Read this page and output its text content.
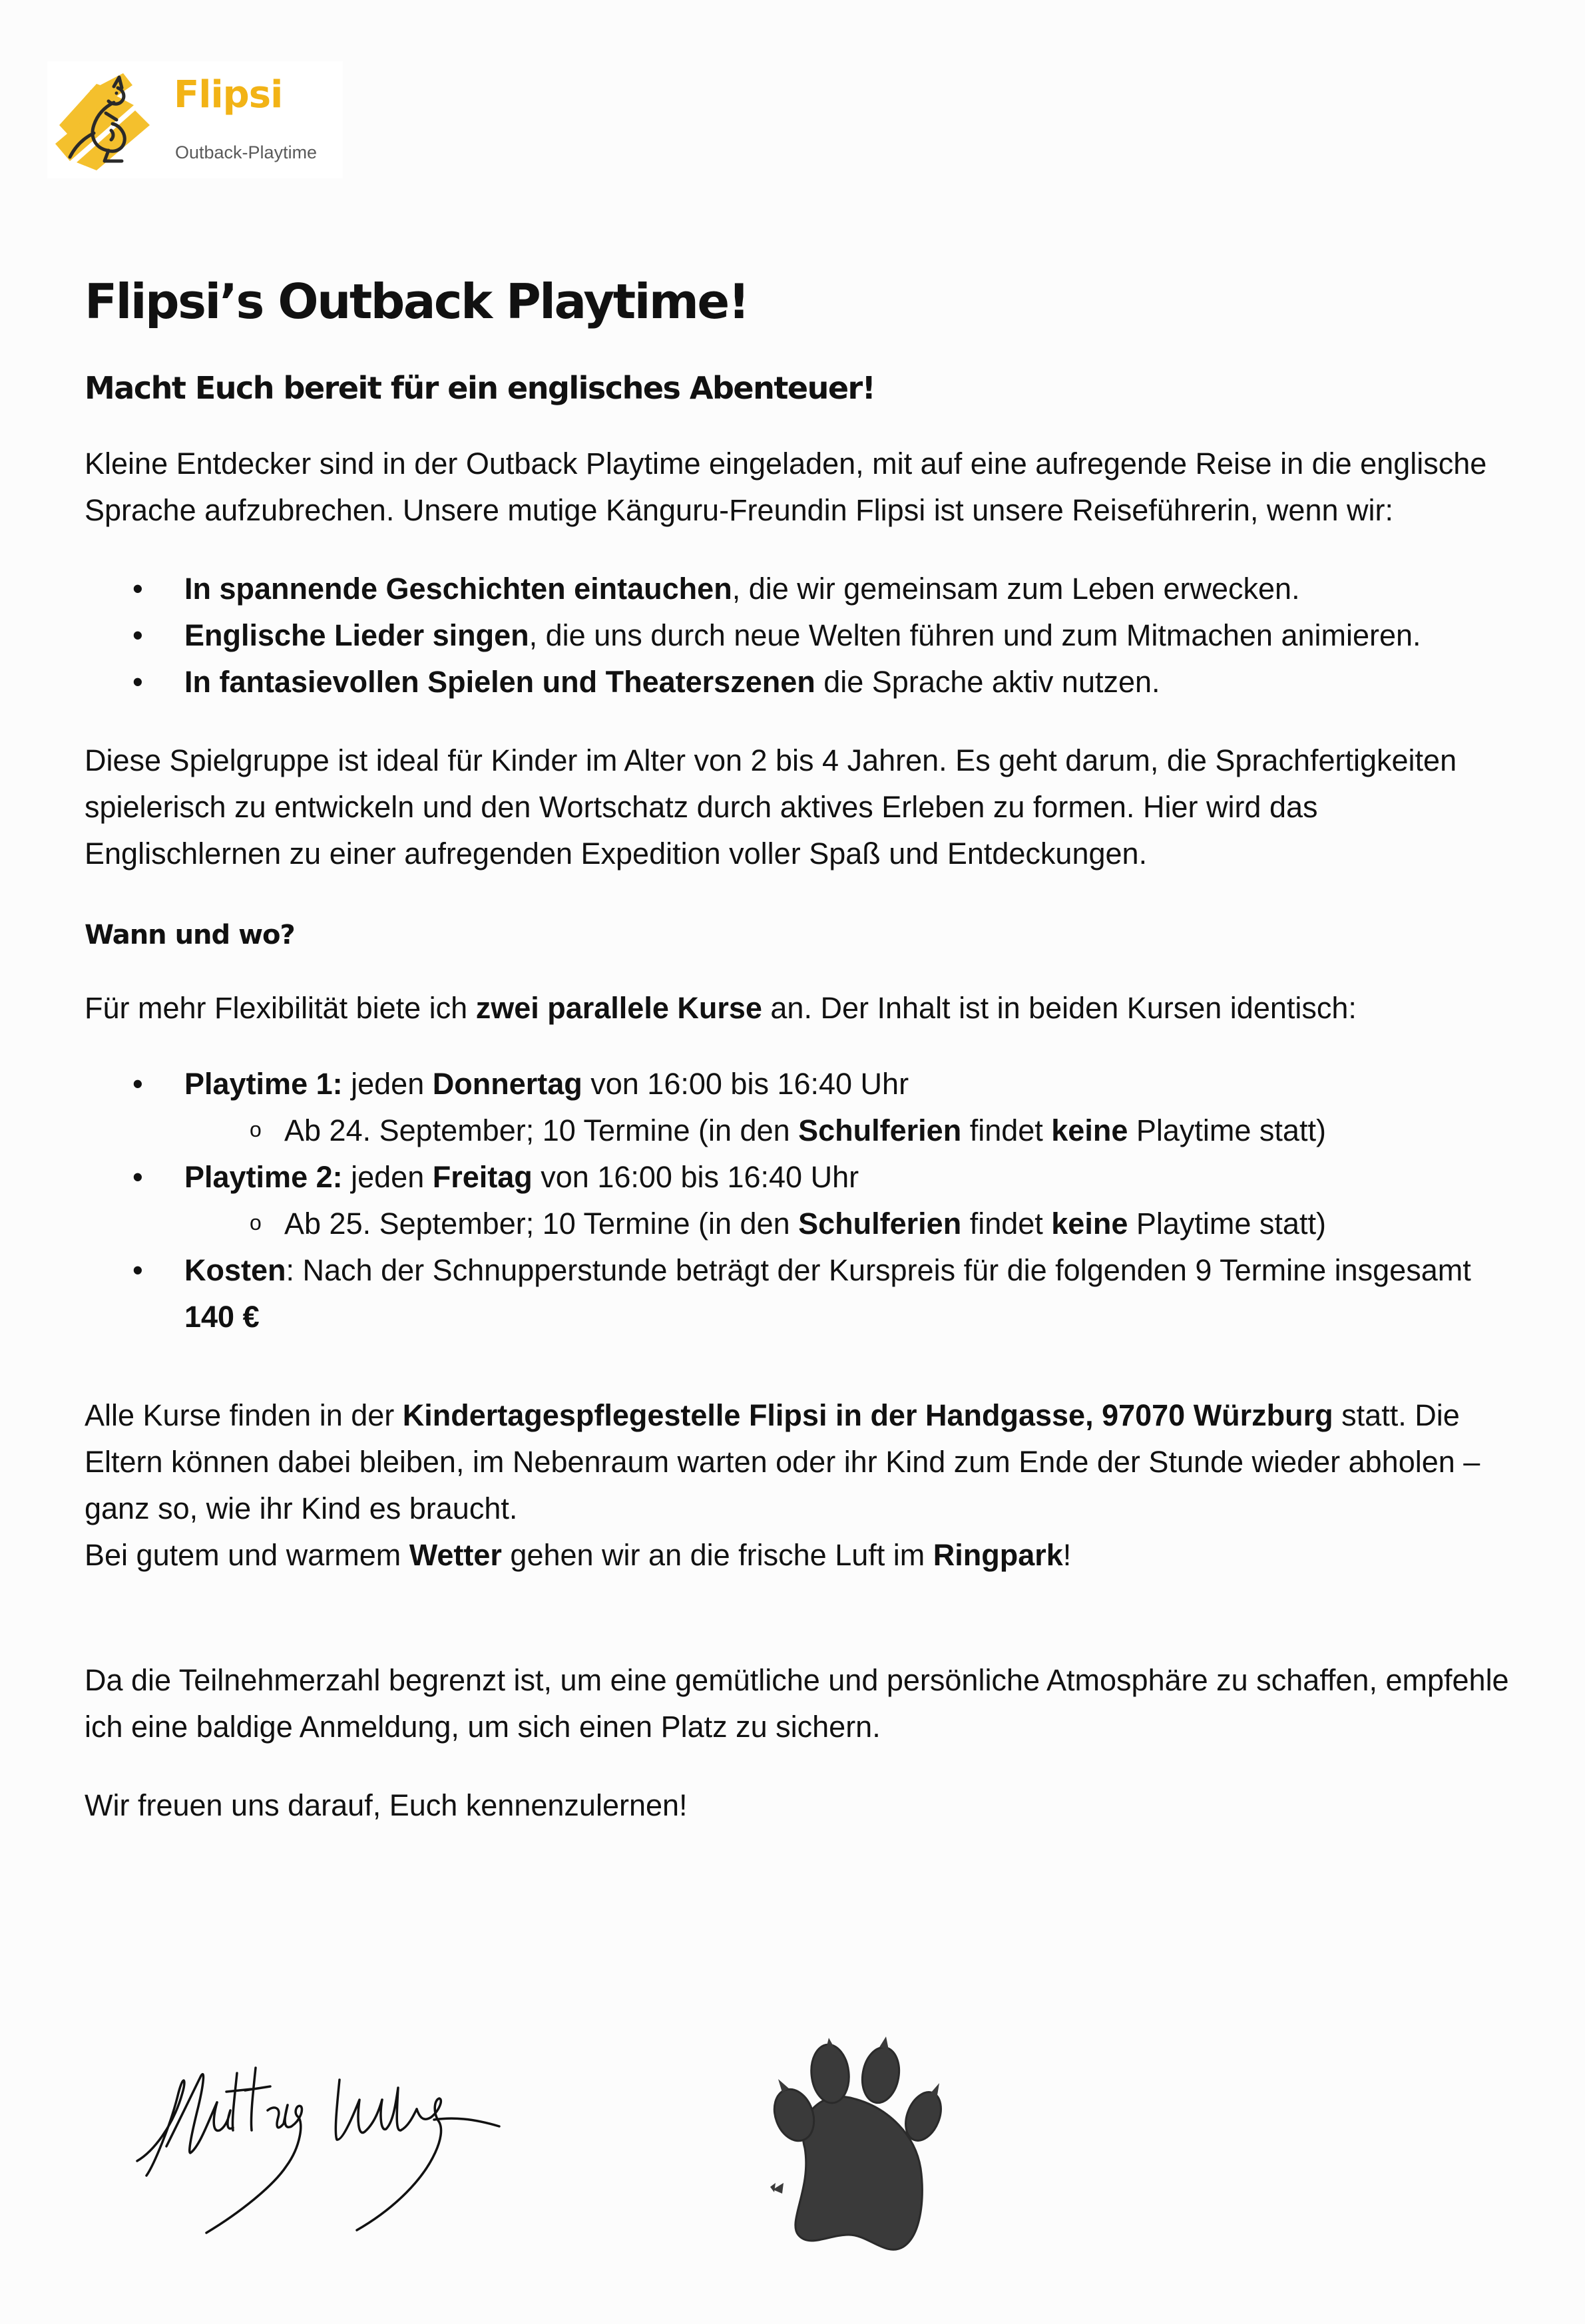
Flipsi
Outback-Playtime
Flipsi’s Outback Playtime!
Macht Euch bereit für ein englisches Abenteuer!

Kleine Entdecker sind in der Outback Playtime eingeladen, mit auf eine aufregende Reise in die englische Sprache aufzubrechen. Unsere mutige Känguru-Freundin Flipsi ist unsere Reiseführerin, wenn wir:

• In spannende Geschichten eintauchen, die wir gemeinsam zum Leben erwecken.
• Englische Lieder singen, die uns durch neue Welten führen und zum Mitmachen animieren.
• In fantasievollen Spielen und Theaterszenen die Sprache aktiv nutzen.

Diese Spielgruppe ist ideal für Kinder im Alter von 2 bis 4 Jahren. Es geht darum, die Sprachfertigkeiten spielerisch zu entwickeln und den Wortschatz durch aktives Erleben zu formen. Hier wird das Englischlernen zu einer aufregenden Expedition voller Spaß und Entdeckungen.

Wann und wo?

Für mehr Flexibilität biete ich zwei parallele Kurse an. Der Inhalt ist in beiden Kursen identisch:

• Playtime 1: jeden Donnertag von 16:00 bis 16:40 Uhr
o Ab 24. September; 10 Termine (in den Schulferien findet keine Playtime statt)
• Playtime 2: jeden Freitag von 16:00 bis 16:40 Uhr
o Ab 25. September; 10 Termine (in den Schulferien findet keine Playtime statt)
• Kosten: Nach der Schnupperstunde beträgt der Kurspreis für die folgenden 9 Termine insgesamt 140 €

Alle Kurse finden in der Kindertagespflegestelle Flipsi in der Handgasse, 97070 Würzburg statt. Die Eltern können dabei bleiben, im Nebenraum warten oder ihr Kind zum Ende der Stunde wieder abholen – ganz so, wie ihr Kind es braucht.

Bei gutem und warmem Wetter gehen wir an die frische Luft im Ringpark!

Da die Teilnehmerzahl begrenzt ist, um eine gemütliche und persönliche Atmosphäre zu schaffen, empfehle ich eine baldige Anmeldung, um sich einen Platz zu sichern.

Wir freuen uns darauf, Euch kennenzulernen!
